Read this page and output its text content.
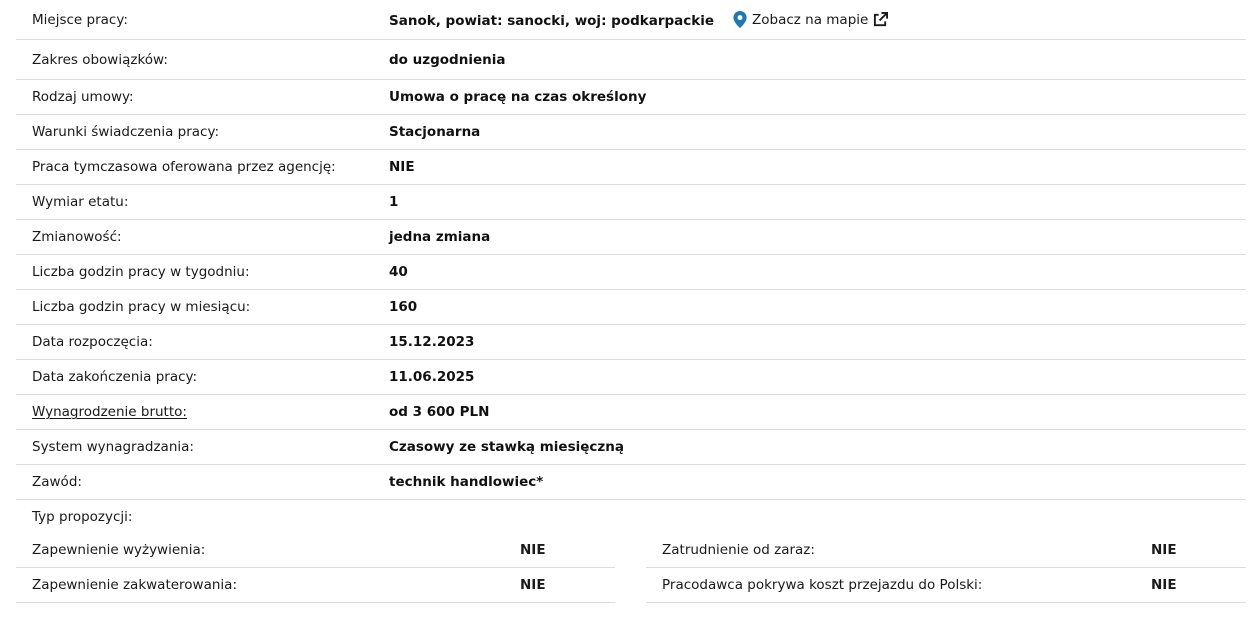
Miejsce pracy:	Sanok, powiat: sanocki, woj: podkarpackie	Zobacz na mapie
Zakres obowiązków:	do uzgodnienia
Rodzaj umowy:	Umowa o pracę na czas określony
Warunki świadczenia pracy:	Stacjonarna
Praca tymczasowa oferowana przez agencję:	NIE
Wymiar etatu:	1
Zmianowość:	jedna zmiana
Liczba godzin pracy w tygodniu:	40
Liczba godzin pracy w miesiącu:	160
Data rozpoczęcia:	15.12.2023
Data zakończenia pracy:	11.06.2025
Wynagrodzenie brutto:	od 3 600 PLN
System wynagradzania:	Czasowy ze stawką miesięczną
Zawód:	technik handlowiec*
Typ propozycji:
Zapewnienie wyżywienia:	NIE	Zatrudnienie od zaraz:	NIE
Zapewnienie zakwaterowania:	NIE	Pracodawca pokrywa koszt przejazdu do Polski:	NIE
